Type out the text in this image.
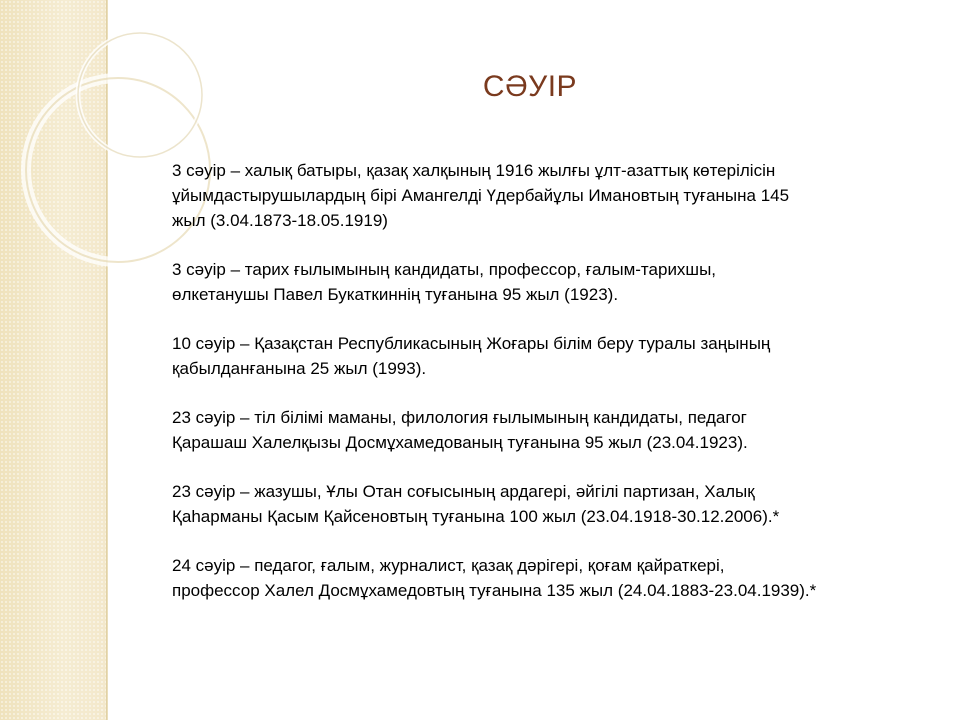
СӘУІР

3 сәуір – халық батыры, қазақ халқының 1916 жылғы ұлт-азаттық көтерілісін
ұйымдастырушылардың бірі Амангелді Үдербайұлы Имановтың туғанына 145
жыл (3.04.1873-18.05.1919)

3 сәуір – тарих ғылымының кандидаты, профессор, ғалым-тарихшы,
өлкетанушы Павел Букаткиннің туғанына 95 жыл (1923).

10 сәуір – Қазақстан Республикасының Жоғары білім беру туралы заңының
қабылданғанына 25 жыл (1993).

23 сәуір – тіл білімі маманы, филология ғылымының кандидаты, педагог
Қарашаш Халелқызы Досмұхамедованың туғанына 95 жыл (23.04.1923).

23 сәуір – жазушы, Ұлы Отан соғысының ардагері, әйгілі партизан, Халық
Қаһарманы Қасым Қайсеновтың туғанына 100 жыл (23.04.1918-30.12.2006).*

24 сәуір – педагог, ғалым, журналист, қазақ дәрігері, қоғам қайраткері,
профессор Халел Досмұхамедовтың туғанына 135 жыл (24.04.1883-23.04.1939).*
